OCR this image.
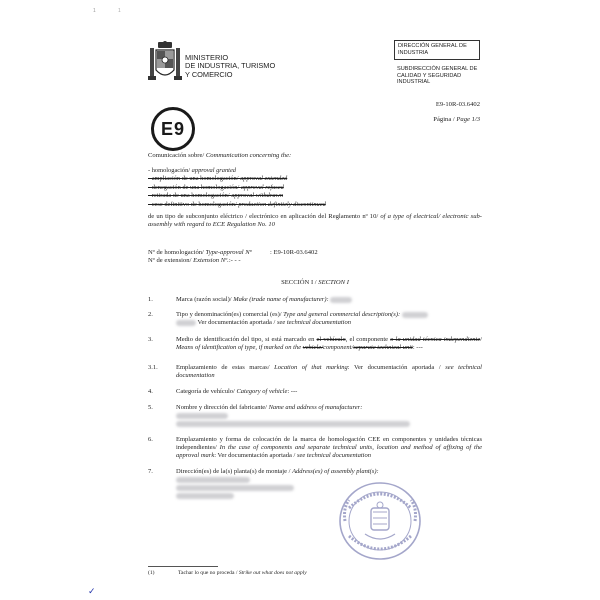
1	1
MINISTERIO
DE INDUSTRIA, TURISMO
Y COMERCIO
DIRECCIÓN GENERAL DE
INDUSTRIA
SUBDIRECCIÓN GENERAL DE
CALIDAD Y SEGURIDAD
INDUSTRIAL
E9
E9-10R-03.6402
Página / Page 1/3
Comunicación sobre/ Communication concerning the:
- homologación/ approval granted
- ampliación de una homologación/ approval extended
- denegación de una homologación/ approval refused
- retirada de una homologación/ approval withdrawn
- cese definitivo de homologación/ production definitely discontinued
de un tipo de subconjunto eléctrico / electrónico en aplicación del Reglamento nº 10/ of a type of electrical/ electronic sub-assembly with regard to ECE Regulation No. 10
Nº de homologación/ Type-approval Nº	: E9-10R-03.6402
Nº de extension/ Extension Nº.:- - -
SECCIÓN I / SECTION I
1.	Marca (razón social)/ Make (trade name of manufacturer):
2.	Tipo y denominación(es) comercial (es)/ Type and general commercial description(s):
Ver documentación aportada / see technical documentation
3.	Medio de identificación del tipo, si está marcado en el vehículo, el componente o la unidad técnica independiente/ Means of identification of type, if marked on the vehicle/component/separate technical unit: ---
3.1.	Emplazamiento de estas marcas/ Location of that marking: Ver documentación aportada / see technical documentation
4.	Categoría de vehículo/ Category of vehicle: ---
5.	Nombre y dirección del fabricante/ Name and address of manufacturer:

6.	Emplazamiento y forma de colocación de la marca de homologación CEE en componentes y unidades técnicas independientes/ In the case of components and separate technical units, location and method of affixing of the approval mark: Ver documentación aportada / see technical documentation
7.	Dirección(es) de la(s) planta(s) de montaje / Address(es) of assembly plant(s):

(1)	Tachar lo que no proceda / Strike out what does not apply
✓
